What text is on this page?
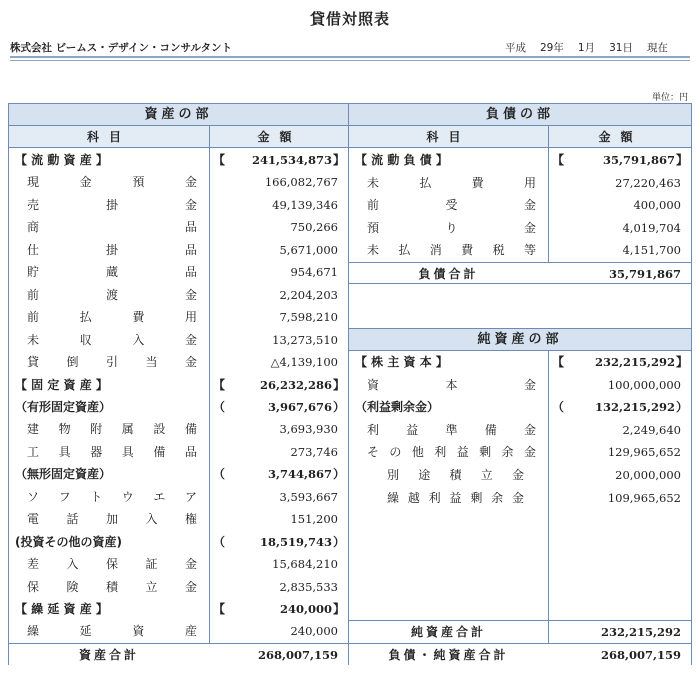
貸借対照表
株式会社 ビームス・デザイン・コンサルタント	平成 29年 1月 31日 現在
単位：円
資産の部
科目	金額
【 流 動 資 産 】	【	241,534,873 】
現	金	預	金	166,082,767
売	掛	金	49,139,346
商	品	750,266
仕	掛	品	5,671,000
貯	蔵	品	954,671
前	渡	金	2,204,203
前	払	費	用	7,598,210
未	収	入	金	13,273,510
貸 倒 引 当 金	△4,139,100
【 固 定 資 産 】	【	26,232,286 】
（有形固定資産）	（	3,967,676 ）
建 物 附 属 設 備	3,693,930
工 具 器 具 備 品	273,746
（無形固定資産）	（	3,744,867 ）
ソ フ ト ウ エ ア	3,593,667
電 話 加 入 権	151,200
(投資その他の資産)	（	18,519,743 ）
差 入 保 証 金	15,684,210
保 険 積 立 金	2,835,533
【 繰 延 資 産 】	【	240,000 】
繰	延	資	産	240,000
資産合計	268,007,159
負債の部
科目	金額
【 流 動 負 債 】	【	35,791,867 】
未	払	費	用	27,220,463
前	受	金	400,000
預	り	金	4,019,704
未 払 消 費 税 等	4,151,700
負債合計	35,791,867
純資産の部
【 株 主 資 本 】	【	232,215,292 】
資	本	金	100,000,000
（利益剰余金）	（	132,215,292 ）
利 益 準 備 金	2,249,640
そ の 他 利 益 剰 余 金	129,965,652
別 途 積 立 金	20,000,000
繰 越 利 益 剰 余 金	109,965,652
純資産合計	232,215,292
負債・純資産合計	268,007,159
